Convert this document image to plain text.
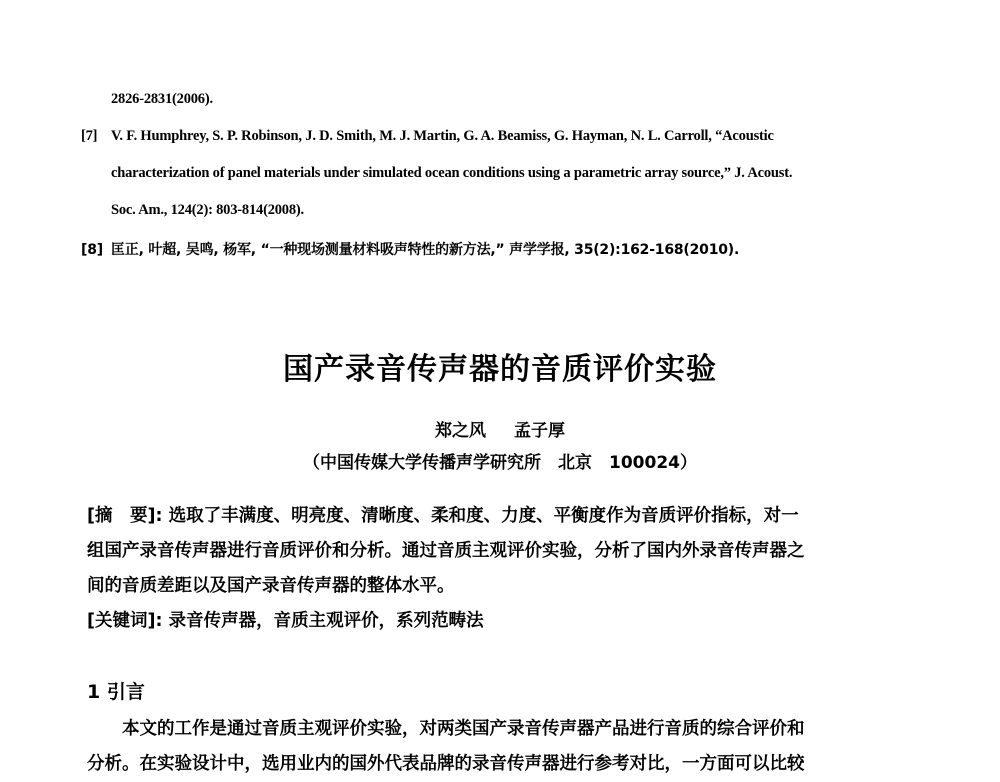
2826-2831(2006).
[7] V. F. Humphrey, S. P. Robinson, J. D. Smith, M. J. Martin, G. A. Beamiss, G. Hayman, N. L. Carroll, “Acoustic
characterization of panel materials under simulated ocean conditions using a parametric array source,” J. Acoust.
Soc. Am., 124(2): 803-814(2008).
[8] 匡正, 叶超, 吴鸣, 杨军, “一种现场测量材料吸声特性的新方法,” 声学学报, 35(2):162-168(2010).
国产录音传声器的音质评价实验
郑之风 孟子厚
（中国传媒大学传播声学研究所　北京　100024）
[摘　要]: 选取了丰满度、明亮度、清晰度、柔和度、力度、平衡度作为音质评价指标，对一
组国产录音传声器进行音质评价和分析。通过音质主观评价实验，分析了国内外录音传声器之
间的音质差距以及国产录音传声器的整体水平。
[关键词]: 录音传声器，音质主观评价，系列范畴法
1 引言
　　本文的工作是通过音质主观评价实验，对两类国产录音传声器产品进行音质的综合评价和
分析。在实验设计中，选用业内的国外代表品牌的录音传声器进行参考对比，一方面可以比较
